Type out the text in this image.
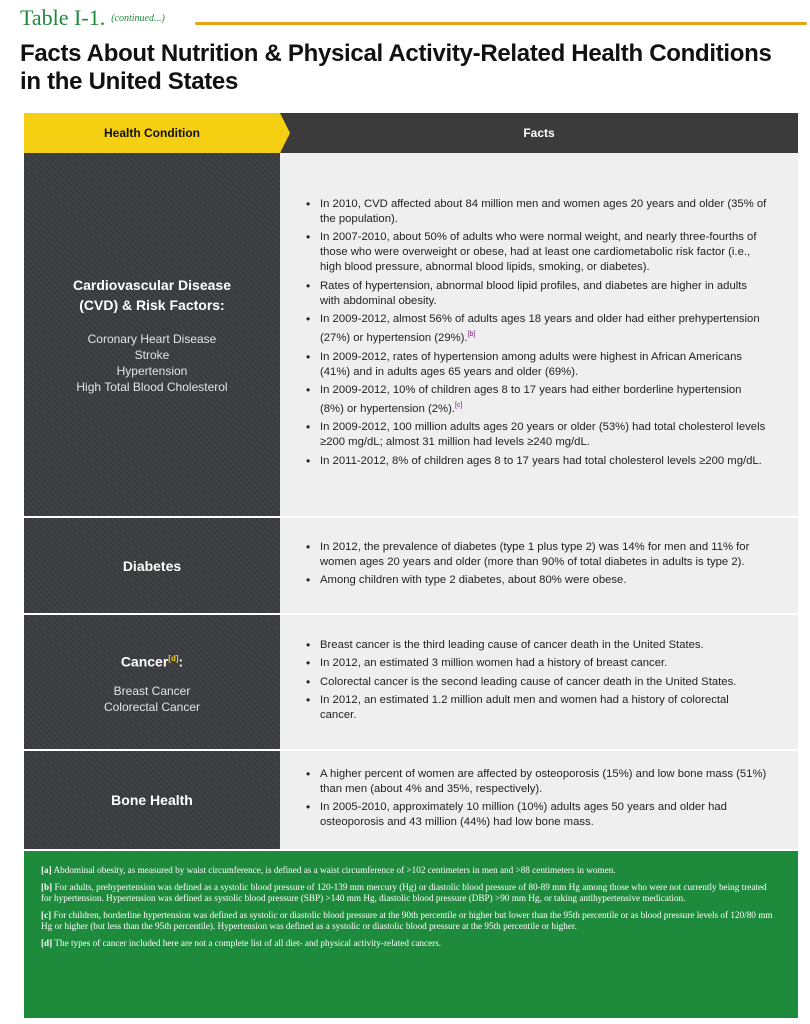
Table I-1. (continued...)
Facts About Nutrition & Physical Activity-Related Health Conditions
in the United States
Health Condition	Facts
Cardiovascular Disease
(CVD) & Risk Factors:
Coronary Heart Disease
Stroke
Hypertension
High Total Blood Cholesterol
• In 2010, CVD affected about 84 million men and women ages 20 years and older (35% of the population).
• In 2007-2010, about 50% of adults who were normal weight, and nearly three-fourths of those who were overweight or obese, had at least one cardiometabolic risk factor (i.e., high blood pressure, abnormal blood lipids, smoking, or diabetes).
• Rates of hypertension, abnormal blood lipid profiles, and diabetes are higher in adults with abdominal obesity.
• In 2009-2012, almost 56% of adults ages 18 years and older had either prehypertension (27%) or hypertension (29%).[b]
• In 2009-2012, rates of hypertension among adults were highest in African Americans (41%) and in adults ages 65 years and older (69%).
• In 2009-2012, 10% of children ages 8 to 17 years had either borderline hypertension (8%) or hypertension (2%).[c]
• In 2009-2012, 100 million adults ages 20 years or older (53%) had total cholesterol levels ≥200 mg/dL; almost 31 million had levels ≥240 mg/dL.
• In 2011-2012, 8% of children ages 8 to 17 years had total cholesterol levels ≥200 mg/dL.
Diabetes
• In 2012, the prevalence of diabetes (type 1 plus type 2) was 14% for men and 11% for women ages 20 years and older (more than 90% of total diabetes in adults is type 2).
• Among children with type 2 diabetes, about 80% were obese.
Cancer[d]:
Breast Cancer
Colorectal Cancer
• Breast cancer is the third leading cause of cancer death in the United States.
• In 2012, an estimated 3 million women had a history of breast cancer.
• Colorectal cancer is the second leading cause of cancer death in the United States.
• In 2012, an estimated 1.2 million adult men and women had a history of colorectal cancer.
Bone Health
• A higher percent of women are affected by osteoporosis (15%) and low bone mass (51%) than men (about 4% and 35%, respectively).
• In 2005-2010, approximately 10 million (10%) adults ages 50 years and older had osteoporosis and 43 million (44%) had low bone mass.
[a] Abdominal obesity, as measured by waist circumference, is defined as a waist circumference of >102 centimeters in men and >88 centimeters in women.
[b] For adults, prehypertension was defined as a systolic blood pressure of 120-139 mm mercury (Hg) or diastolic blood pressure of 80-89 mm Hg among those who were not currently being treated for hypertension. Hypertension was defined as systolic blood pressure (SBP) >140 mm Hg, diastolic blood pressure (DBP) >90 mm Hg, or taking antihypertensive medication.
[c] For children, borderline hypertension was defined as systolic or diastolic blood pressure at the 90th percentile or higher but lower than the 95th percentile or as blood pressure levels of 120/80 mm Hg or higher (but less than the 95th percentile). Hypertension was defined as a systolic or diastolic blood pressure at the 95th percentile or higher.
[d] The types of cancer included here are not a complete list of all diet- and physical activity-related cancers.
